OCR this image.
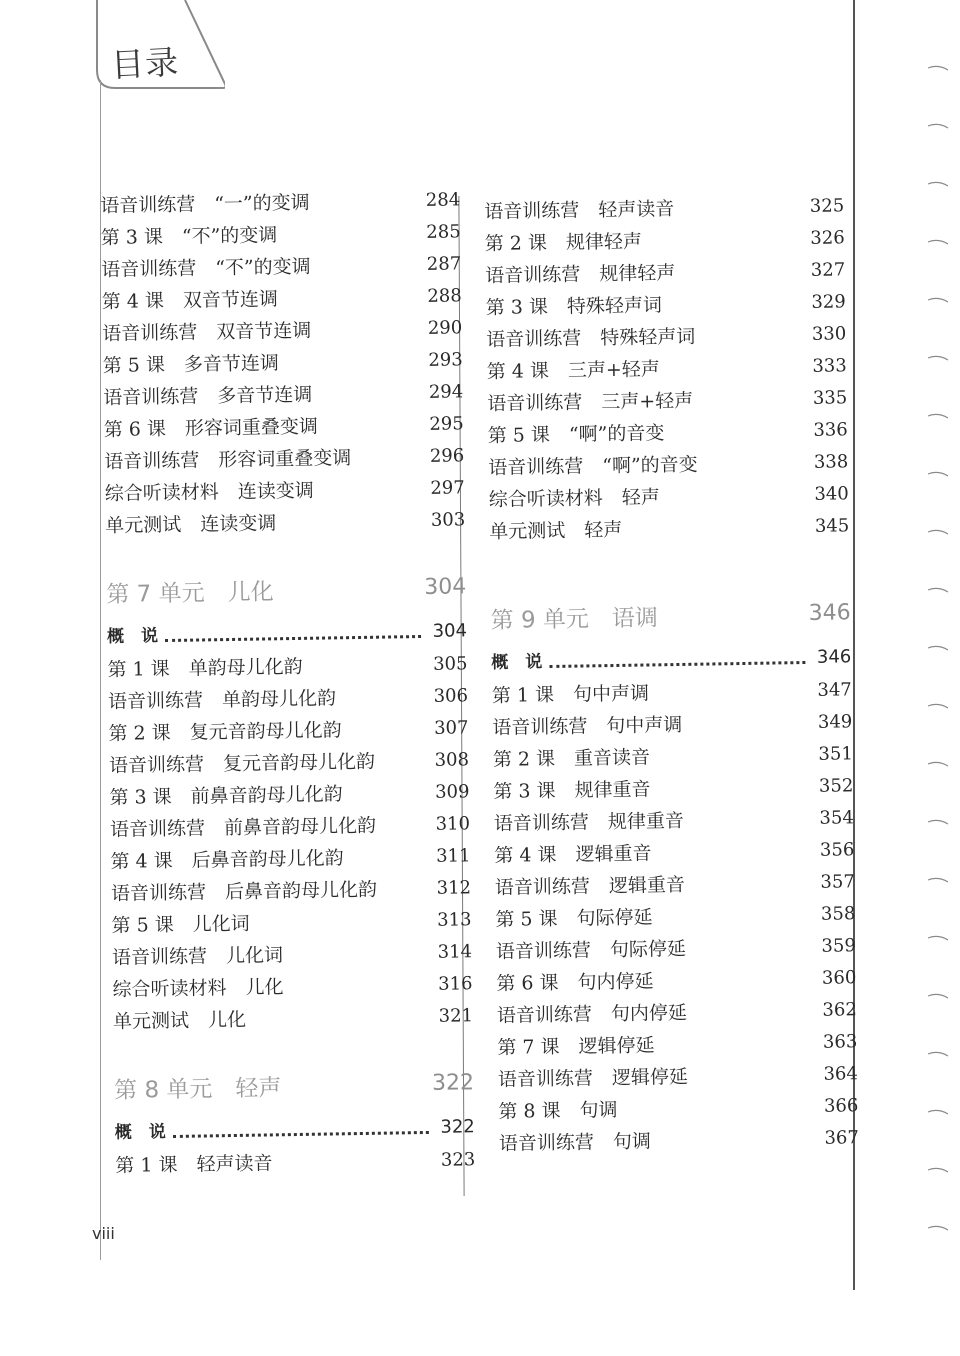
目录
语音训练营　“一”的变调	284
第 3 课　“不”的变调	285
语音训练营　“不”的变调	287
第 4 课　双音节连调	288
语音训练营　双音节连调	290
第 5 课　多音节连调	293
语音训练营　多音节连调	294
第 6 课　形容词重叠变调	295
语音训练营　形容词重叠变调	296
综合听读材料　连读变调	297
单元测试　连读变调	303
第 7 单元　儿化	304
概　说	304
第 1 课　单韵母儿化韵	305
语音训练营　单韵母儿化韵	306
第 2 课　复元音韵母儿化韵	307
语音训练营　复元音韵母儿化韵	308
第 3 课　前鼻音韵母儿化韵	309
语音训练营　前鼻音韵母儿化韵	310
第 4 课　后鼻音韵母儿化韵	311
语音训练营　后鼻音韵母儿化韵	312
第 5 课　儿化词	313
语音训练营　儿化词	314
综合听读材料　儿化	316
单元测试　儿化	321
第 8 单元　轻声	322
概　说	322
第 1 课　轻声读音	323
语音训练营　轻声读音	325
第 2 课　规律轻声	326
语音训练营　规律轻声	327
第 3 课　特殊轻声词	329
语音训练营　特殊轻声词	330
第 4 课　三声+轻声	333
语音训练营　三声+轻声	335
第 5 课　“啊”的音变	336
语音训练营　“啊”的音变	338
综合听读材料　轻声	340
单元测试　轻声	345
第 9 单元　语调	346
概　说	346
第 1 课　句中声调	347
语音训练营　句中声调	349
第 2 课　重音读音	351
第 3 课　规律重音	352
语音训练营　规律重音	354
第 4 课　逻辑重音	356
语音训练营　逻辑重音	357
第 5 课　句际停延	358
语音训练营　句际停延	359
第 6 课　句内停延	360
语音训练营　句内停延	362
第 7 课　逻辑停延	363
语音训练营　逻辑停延	364
第 8 课　句调	366
语音训练营　句调	367
viii
